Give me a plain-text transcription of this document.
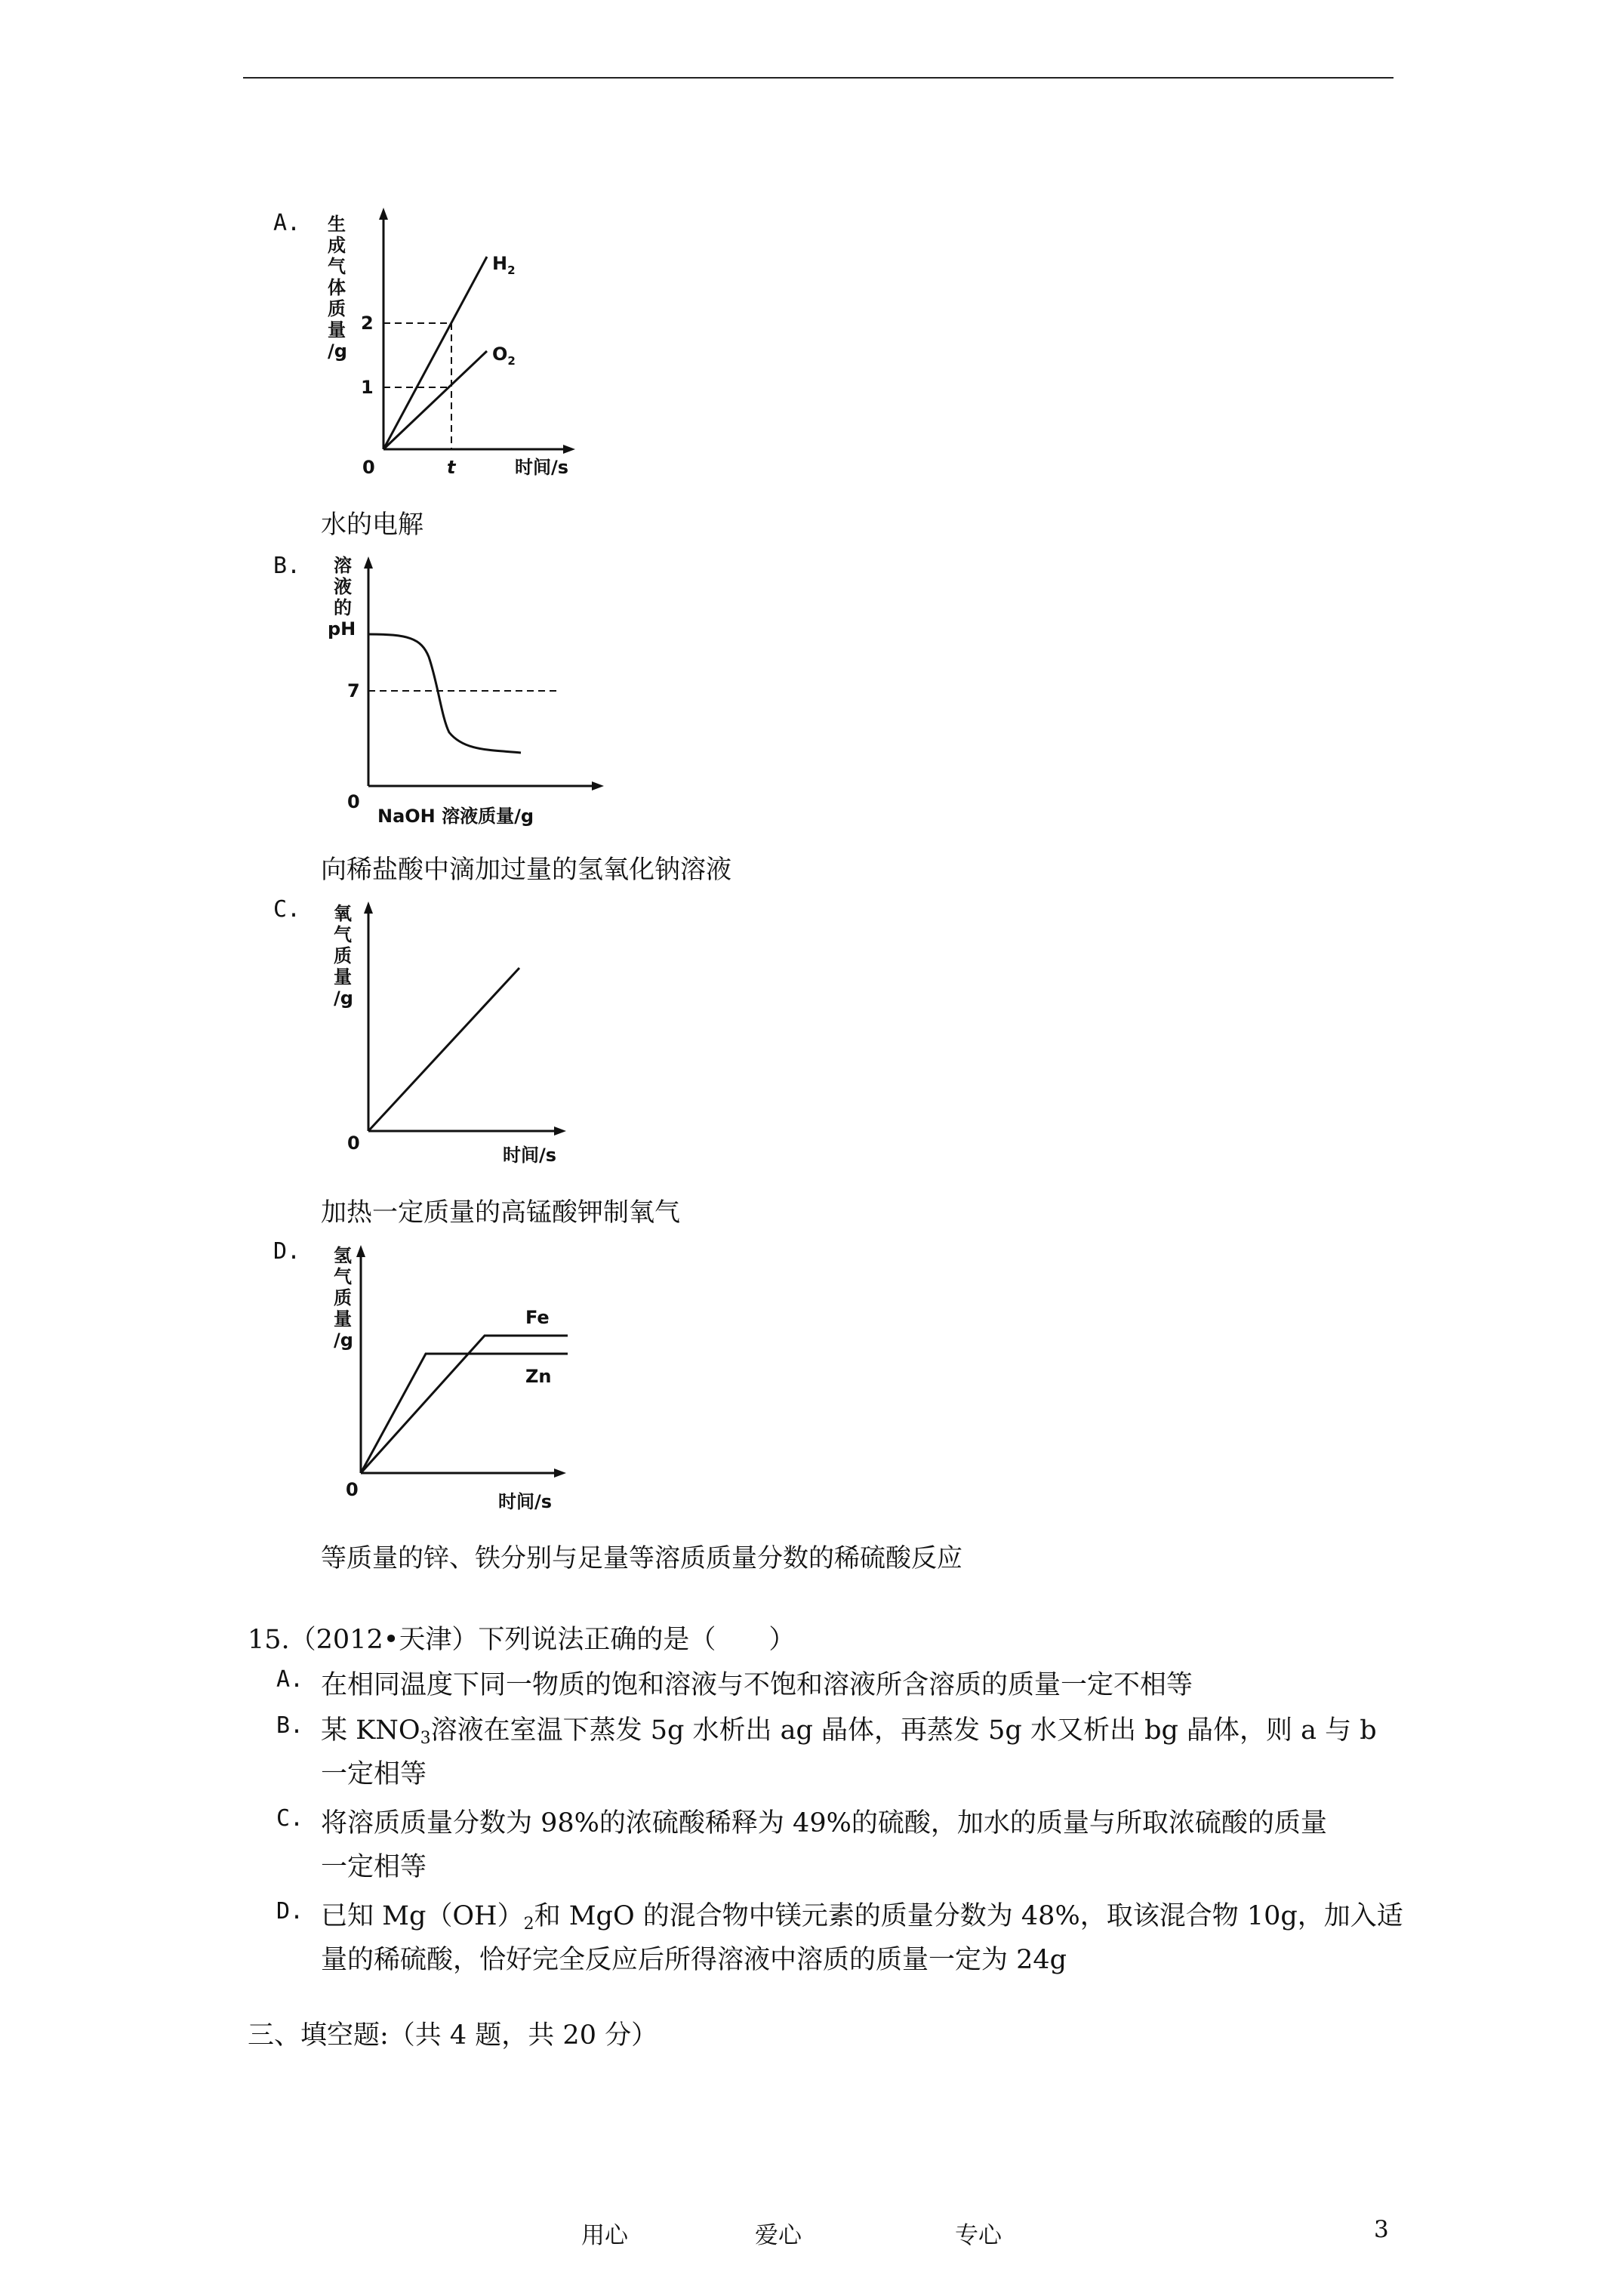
A. 生
成
气
体
质
量
/g
2
1
0	t	时间/s
$H_2$
$O_2$
水的电解
B. 溶
液
的
pH
7
0
NaOH 溶液质量/g
向稀盐酸中滴加过量的氢氧化钠溶液
C. 氧
气
质
量
/g
0
时间/s
加热一定质量的高锰酸钾制氧气
D. 氢
气
质
量
/g
Fe
Zn
0
时间/s
等质量的锌、铁分别与足量等溶质质量分数的稀硫酸反应
15.（2012•天津）下列说法正确的是（　　）
A. 在相同温度下同一物质的饱和溶液与不饱和溶液所含溶质的质量一定不相等
B. 某 $KNO_3$溶液在室温下蒸发 5g 水析出 ag 晶体，再蒸发 5g 水又析出 bg 晶体，则 a 与 b
一定相等
C. 将溶质质量分数为 98%的浓硫酸稀释为 49%的硫酸，加水的质量与所取浓硫酸的质量
一定相等
D. 已知 $Mg(OH)_2$和 MgO 的混合物中镁元素的质量分数为 48%，取该混合物 10g，加入适
量的稀硫酸，恰好完全反应后所得溶液中溶质的质量一定为 24g
三、填空题:（共 4 题，共 20 分）
用心	爱心	专心	3
